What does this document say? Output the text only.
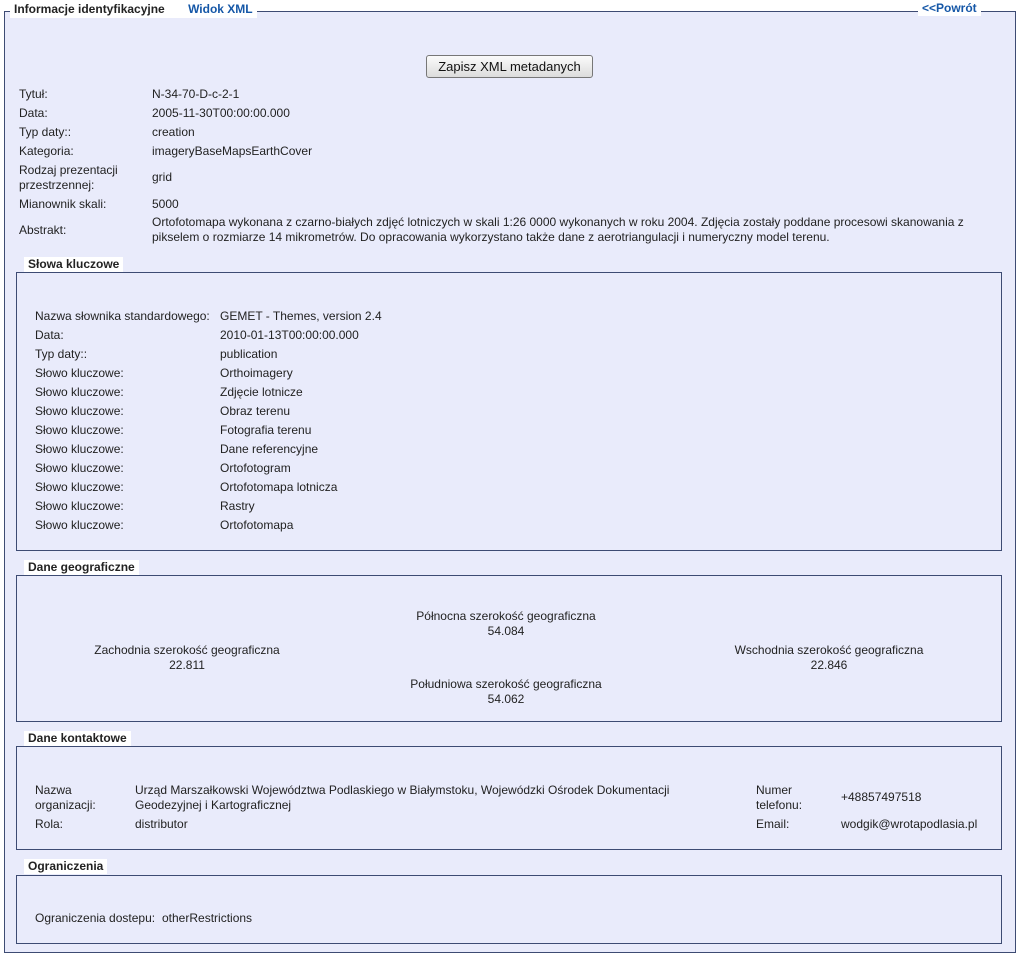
Informacje identyfikacyjne Widok XML	<<Powrót
Zapisz XML metadanych
Tytuł:	N-34-70-D-c-2-1
Data:	2005-11-30T00:00:00.000
Typ daty::	creation
Kategoria:	imageryBaseMapsEarthCover
Rodzaj prezentacji przestrzennej:
grid
Mianownik skali:	5000
Abstrakt:
Ortofotomapa wykonana z czarno-białych zdjęć lotniczych w skali 1:26 0000 wykonanych w roku 2004. Zdjęcia zostały poddane procesowi skanowania z pikselem o rozmiarze 14 mikrometrów. Do opracowania wykorzystano także dane z aerotriangulacji i numeryczny model terenu.
Słowa kluczowe
Nazwa słownika standardowego: GEMET - Themes, version 2.4
Data:	2010-01-13T00:00:00.000
Typ daty::	publication
Słowo kluczowe:	Orthoimagery
Słowo kluczowe:	Zdjęcie lotnicze
Słowo kluczowe:	Obraz terenu
Słowo kluczowe:	Fotografia terenu
Słowo kluczowe:	Dane referencyjne
Słowo kluczowe:	Ortofotogram
Słowo kluczowe:	Ortofotomapa lotnicza
Słowo kluczowe:	Rastry
Słowo kluczowe:	Ortofotomapa
Dane geograficzne
Północna szerokość geograficzna
54.084
Zachodnia szerokość geograficzna
22.811
Wschodnia szerokość geograficzna
22.846
Południowa szerokość geograficzna
54.062
Dane kontaktowe
Nazwa organizacji:
Urząd Marszałkowski Województwa Podlaskiego w Białymstoku, Wojewódzki Ośrodek Dokumentacji Geodezyjnej i Kartograficznej
Rola:	distributor
Numer telefonu:
+48857497518
Email:	wodgik@wrotapodlasia.pl
Ograniczenia
Ograniczenia dostepu: otherRestrictions
